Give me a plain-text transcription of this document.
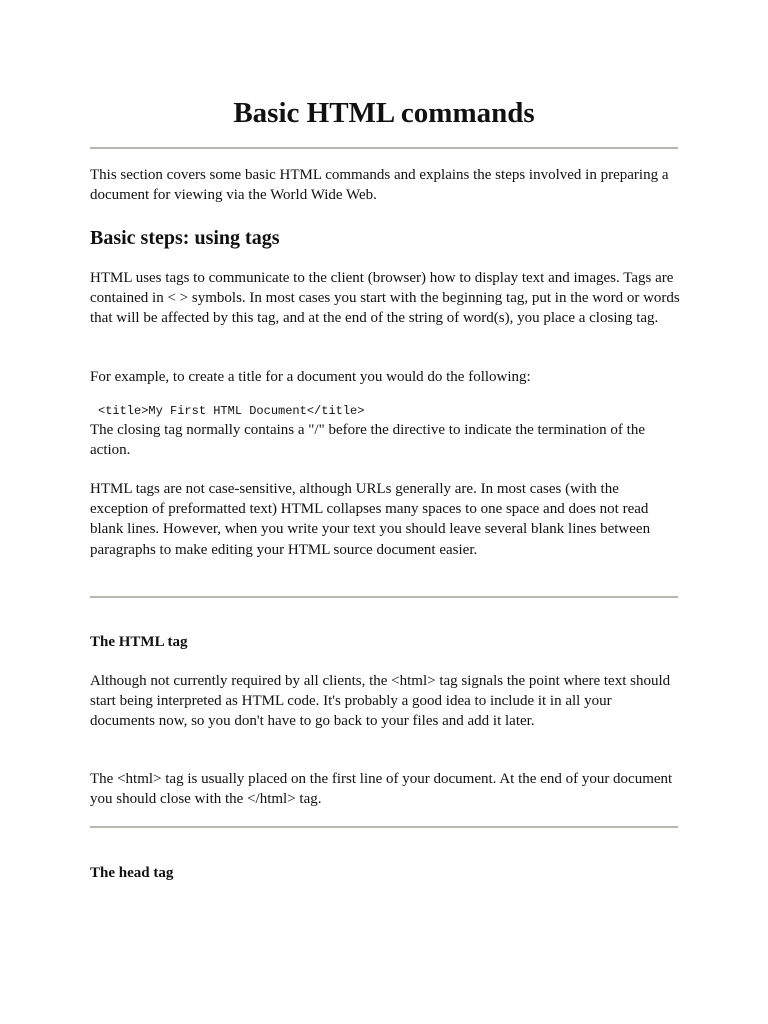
Basic HTML commands

This section covers some basic HTML commands and explains the steps involved in preparing a document for viewing via the World Wide Web.

Basic steps: using tags

HTML uses tags to communicate to the client (browser) how to display text and images. Tags are contained in < > symbols. In most cases you start with the beginning tag, put in the word or words that will be affected by this tag, and at the end of the string of word(s), you place a closing tag.

For example, to create a title for a document you would do the following:

<title>My First HTML Document</title>

The closing tag normally contains a "/" before the directive to indicate the termination of the action.

HTML tags are not case-sensitive, although URLs generally are. In most cases (with the exception of preformatted text) HTML collapses many spaces to one space and does not read blank lines. However, when you write your text you should leave several blank lines between paragraphs to make editing your HTML source document easier.

The HTML tag

Although not currently required by all clients, the <html> tag signals the point where text should start being interpreted as HTML code. It's probably a good idea to include it in all your documents now, so you don't have to go back to your files and add it later.

The <html> tag is usually placed on the first line of your document. At the end of your document you should close with the </html> tag.

The head tag
